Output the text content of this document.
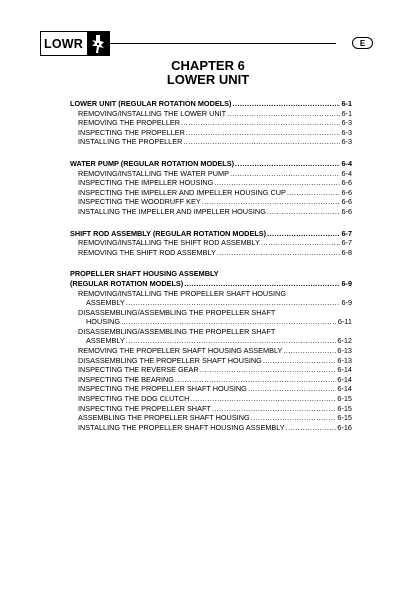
LOWR	E
CHAPTER 6
LOWER UNIT
LOWER UNIT (REGULAR ROTATION MODELS) .....	6-1
REMOVING/INSTALLING THE LOWER UNIT .....	6-1
REMOVING THE PROPELLER .....	6-3
INSPECTING THE PROPELLER .....	6-3
INSTALLING THE PROPELLER .....	6-3
WATER PUMP (REGULAR ROTATION MODELS) .....	6-4
REMOVING/INSTALLING THE WATER PUMP .....	6-4
INSPECTING THE IMPELLER HOUSING .....	6-6
INSPECTING THE IMPELLER AND IMPELLER HOUSING CUP .....	6-6
INSPECTING THE WOODRUFF KEY .....	6-6
INSTALLING THE IMPELLER AND IMPELLER HOUSING .....	6-6
SHIFT ROD ASSEMBLY (REGULAR ROTATION MODELS) .....	6-7
REMOVING/INSTALLING THE SHIFT ROD ASSEMBLY .....	6-7
REMOVING THE SHIFT ROD ASSEMBLY .....	6-8
PROPELLER SHAFT HOUSING ASSEMBLY
(REGULAR ROTATION MODELS) .....	6-9
REMOVING/INSTALLING THE PROPELLER SHAFT HOUSING
ASSEMBLY .....	6-9
DISASSEMBLING/ASSEMBLING THE PROPELLER SHAFT
HOUSING .....	6-11
DISASSEMBLING/ASSEMBLING THE PROPELLER SHAFT
ASSEMBLY .....	6-12
REMOVING THE PROPELLER SHAFT HOUSING ASSEMBLY .....	6-13
DISASSEMBLING THE PROPELLER SHAFT HOUSING .....	6-13
INSPECTING THE REVERSE GEAR .....	6-14
INSPECTING THE BEARING .....	6-14
INSPECTING THE PROPELLER SHAFT HOUSING .....	6-14
INSPECTING THE DOG CLUTCH .....	6-15
INSPECTING THE PROPELLER SHAFT .....	6-15
ASSEMBLING THE PROPELLER SHAFT HOUSING .....	6-15
INSTALLING THE PROPELLER SHAFT HOUSING ASSEMBLY .....	6-16
